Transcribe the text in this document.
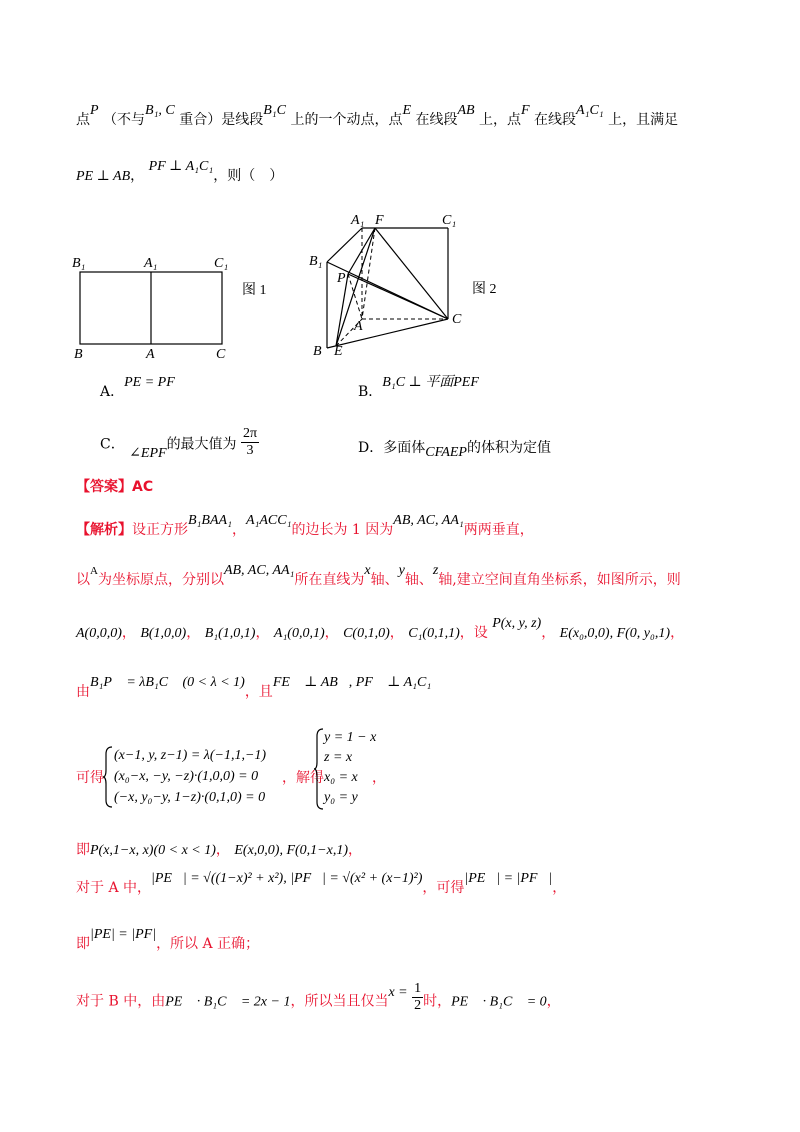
点P （不与B₁, C 重合）是线段B₁C 上的一个动点，点E 在线段AB 上，点F 在线段A₁C₁ 上，且满足
PE ⊥ AB， PF ⊥ A₁C₁，则（　）
B₁	A₁	C₁
B	A	C
图 1
A₁ F	C₁
B₁
P
A	C
B E
图 2
A．PE = PF
B．B₁C ⊥ 平面PEF
C． ∠EPF的最大值为 $\frac{2\pi}{3}$	D．多面体CFAEP的体积为定值
【答案】AC
【解析】设正方形B₁BAA₁，A₁ACC₁的边长为 1 因为AB, AC, AA₁两两垂直，
以$^A$为坐标原点，分别以AB, AC, AA₁所在直线为x轴、y轴、z轴,建立空间直角坐标系，如图所示，则
A(0,0,0)， B(1,0,0)， B₁(1,0,1)， A₁(0,0,1)， C(0,1,0)， C₁(0,1,1)，设 P(x, y, z)， E(x₀,0,0), F(0, y₀,1)，
由B₁P⃗ = λB₁C⃗ (0 < λ < 1)，且FE⃗ ⊥ AB⃗, PF⃗ ⊥ A₁C₁⃗
可得
(x−1, y, z−1) = λ(−1,1,−1)
(x₀−x, −y, −z)·(1,0,0) = 0
(−x, y₀−y, 1−z)·(0,1,0) = 0
，解得
y = 1 − x
z = x
x₀ = x
y₀ = y
，
即P(x,1−x, x)(0 < x < 1)， E(x,0,0), F(0,1−x,1)，
对于 A 中，|PE⃗| = √((1−x)² + x²), |PF⃗| = √(x² + (x−1)²)，可得|PE⃗| = |PF⃗|，
即|PE| = |PF|，所以 A 正确；
对于 B 中，由PE⃗ · B₁C⃗ = 2x − 1，所以当且仅当$x = \frac{1}{2}$ 时，PE⃗ · B₁C⃗ = 0，
